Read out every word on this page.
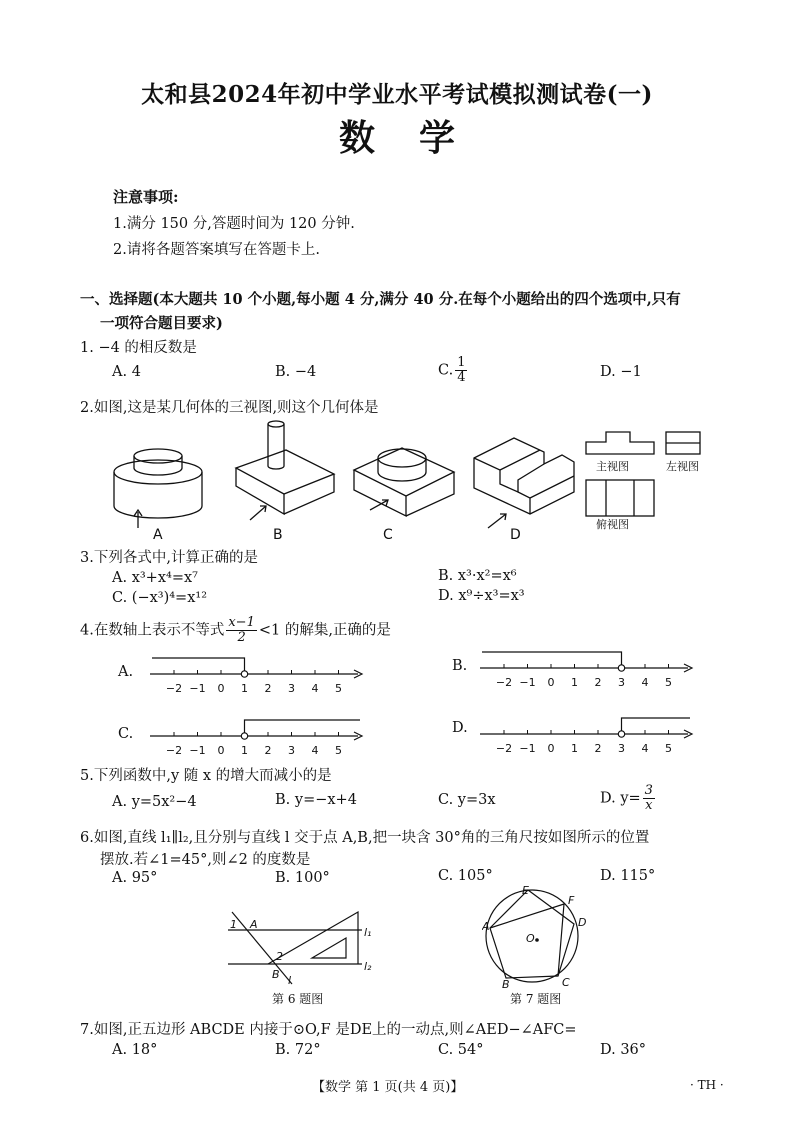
太和县2024年初中学业水平考试模拟测试卷(一)
数学
注意事项:
1.满分 150 分,答题时间为 120 分钟.
2.请将各题答案填写在答题卡上.
一、选择题(本大题共 10 个小题,每小题 4 分,满分 40 分.在每个小题给出的四个选项中,只有
一项符合题目要求)
1. −4 的相反数是
A. 4	B. −4	C. $\frac{1}{4}$	D. −1
2.如图,这是某几何体的三视图,则这个几何体是
主视图	左视图
俯视图
A	B	C	D
3.下列各式中,计算正确的是
A. x³+x⁴=x⁷	B. x³·x²=x⁶
C. (−x³)⁴=x¹²	D. x⁹÷x³=x³
4.在数轴上表示不等式 $\frac{x-1}{2} <1$ 的解集,正确的是
A.
−2 −1 0 1 2 3 4 5
B.
−2 −1 0 1 2 3 4 5
C.
−2 −1 0 1 2 3 4 5
D.
−2 −1 0 1 2 3 4 5
5.下列函数中,y 随 x 的增大而减小的是
A. y=5x²−4	B. y=−x+4	C. y=3x	D. $y= \frac{3}{x}$
6.如图,直线 l₁∥l₂,且分别与直线 l 交于点 A,B,把一块含 30°角的三角尺按如图所示的位置
摆放.若∠1=45°,则∠2 的度数是
A. 95°	B. 100°	C. 105°	D. 115°
1 A
2
B l
l₁
l₂
第 6 题图
A
B	C
D
E
F
O
第 7 题图
7.如图,正五边形 ABCDE 内接于⊙O,F 是DE上的一动点,则∠AED−∠AFC=
A. 18°	B. 72°	C. 54°	D. 36°
【数学 第 1 页(共 4 页)】	· TH ·
